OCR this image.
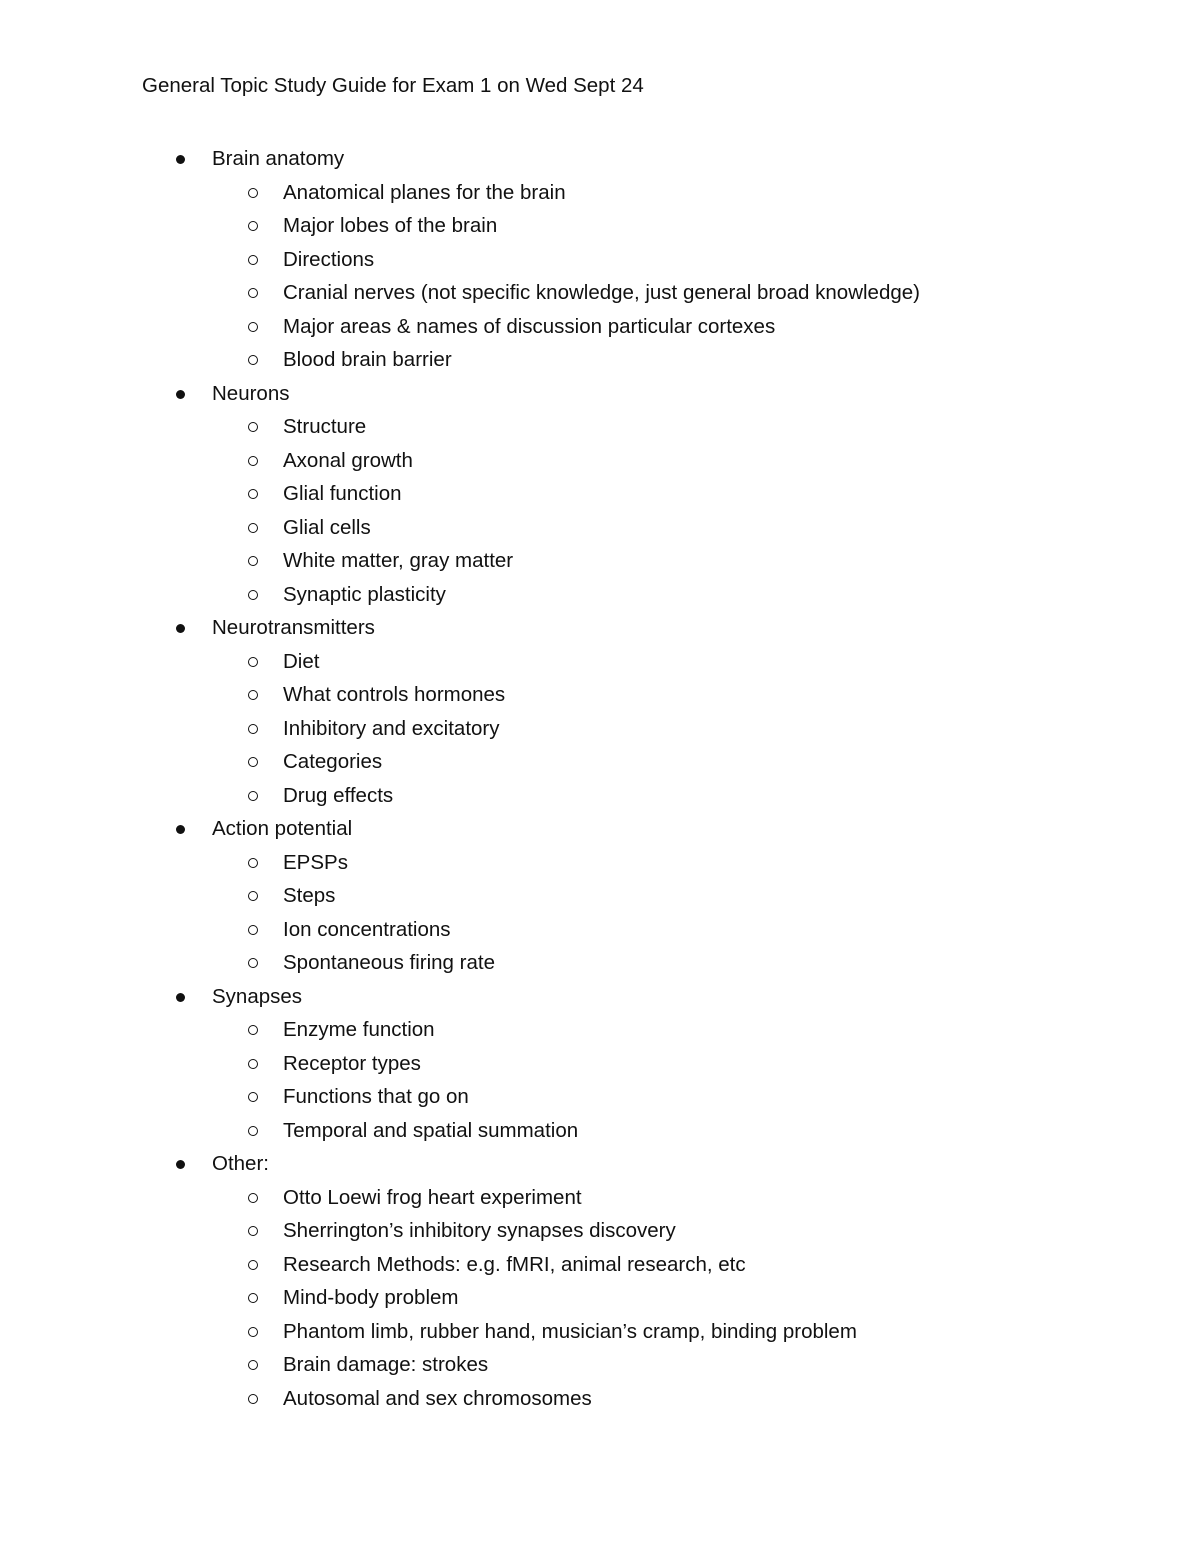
General Topic Study Guide for Exam 1 on Wed Sept 24
Brain anatomy
Anatomical planes for the brain
Major lobes of the brain
Directions
Cranial nerves (not specific knowledge, just general broad knowledge)
Major areas & names of discussion particular cortexes
Blood brain barrier
Neurons
Structure
Axonal growth
Glial function
Glial cells
White matter, gray matter
Synaptic plasticity
Neurotransmitters
Diet
What controls hormones
Inhibitory and excitatory
Categories
Drug effects
Action potential
EPSPs
Steps
Ion concentrations
Spontaneous firing rate
Synapses
Enzyme function
Receptor types
Functions that go on
Temporal and spatial summation
Other:
Otto Loewi frog heart experiment
Sherrington’s inhibitory synapses discovery
Research Methods: e.g. fMRI, animal research, etc
Mind-body problem
Phantom limb, rubber hand, musician’s cramp, binding problem
Brain damage: strokes
Autosomal and sex chromosomes
